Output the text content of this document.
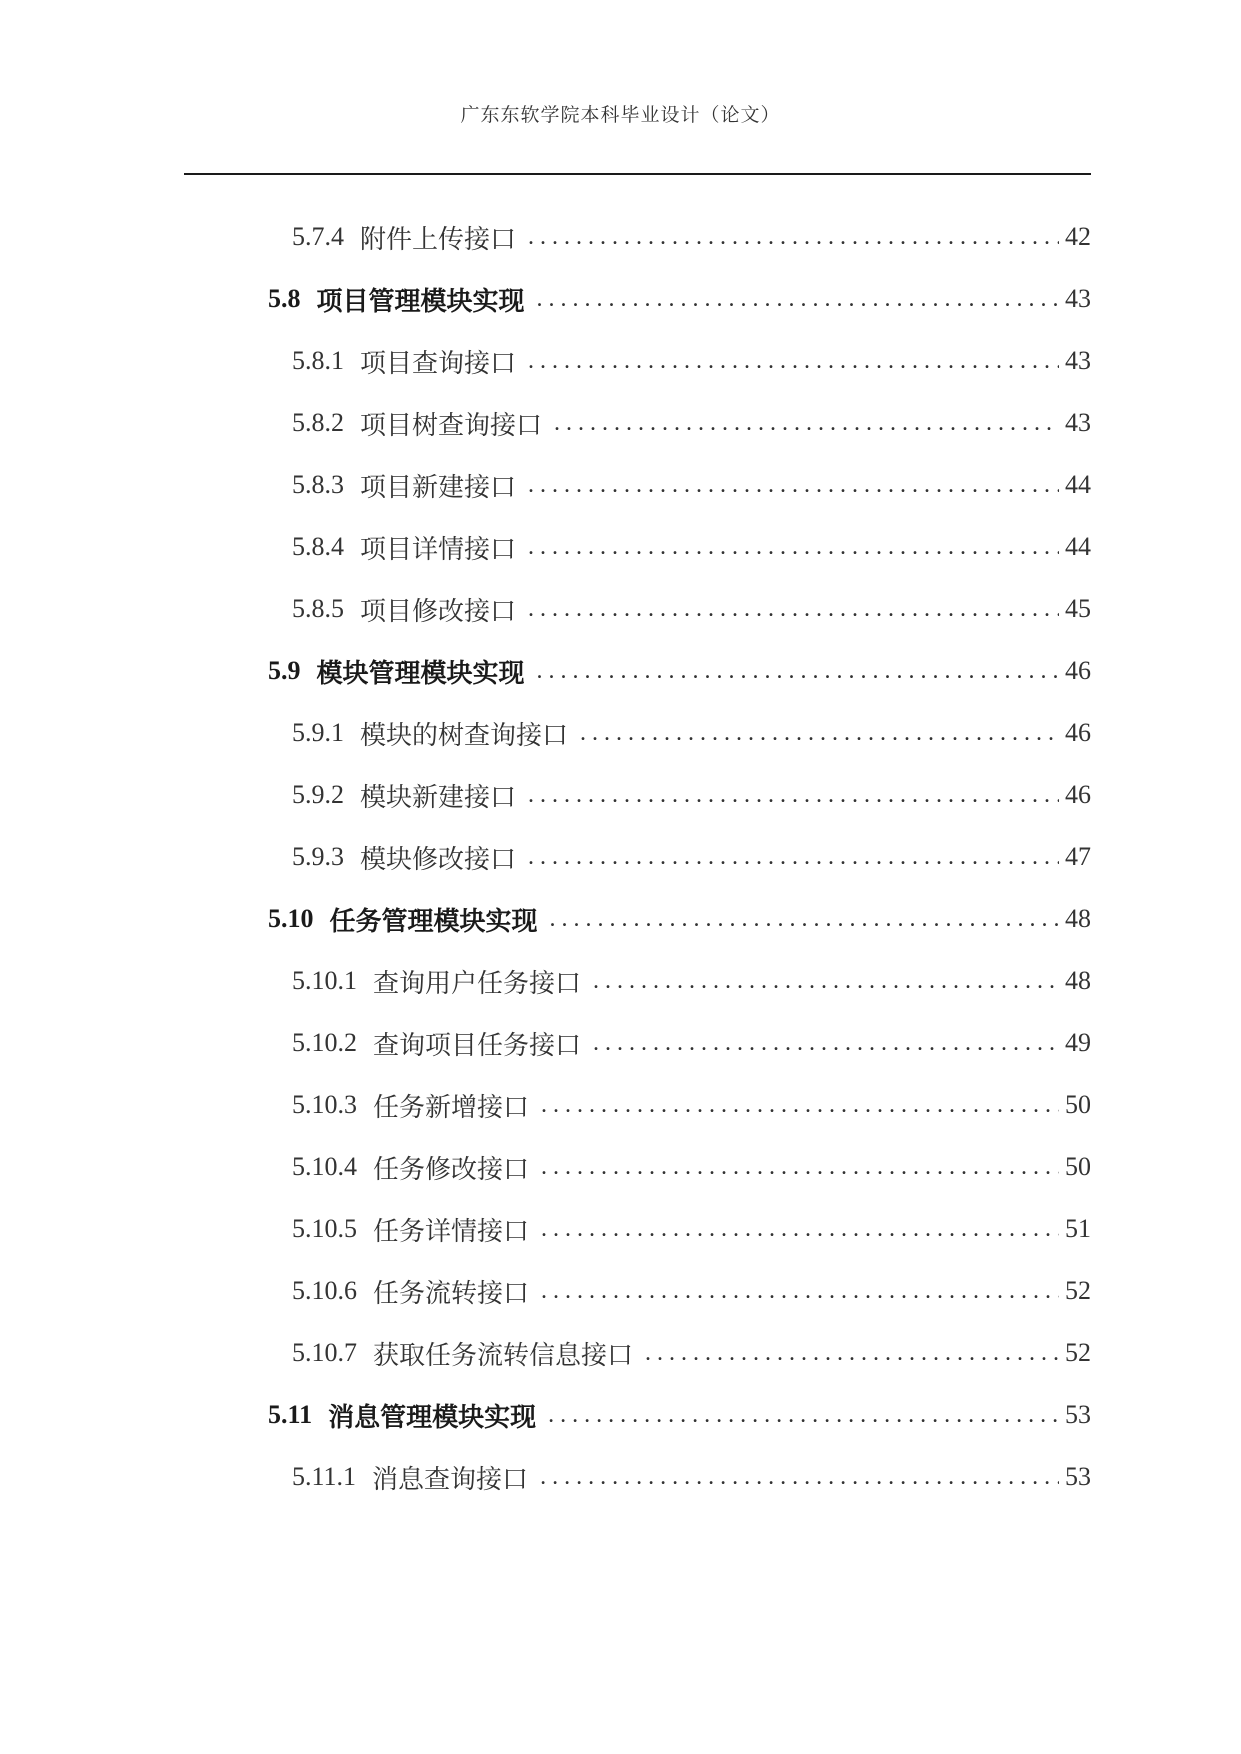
广东东软学院本科毕业设计（论文）
5.7.4 附件上传接口 . . .	42
5.8 项目管理模块实现 . . .	43
5.8.1 项目查询接口 . . .	43
5.8.2 项目树查询接口 . . .	43
5.8.3 项目新建接口 . . .	44
5.8.4 项目详情接口 . . .	44
5.8.5 项目修改接口 . . .	45
5.9 模块管理模块实现 . . .	46
5.9.1 模块的树查询接口 . . .	46
5.9.2 模块新建接口 . . .	46
5.9.3 模块修改接口 . . .	47
5.10 任务管理模块实现 . . .	48
5.10.1 查询用户任务接口 . . .	48
5.10.2 查询项目任务接口 . . .	49
5.10.3 任务新增接口 . . .	50
5.10.4 任务修改接口 . . .	50
5.10.5 任务详情接口 . . .	51
5.10.6 任务流转接口 . . .	52
5.10.7 获取任务流转信息接口 . . .	52
5.11 消息管理模块实现 . . .	53
5.11.1 消息查询接口 . . .	53
